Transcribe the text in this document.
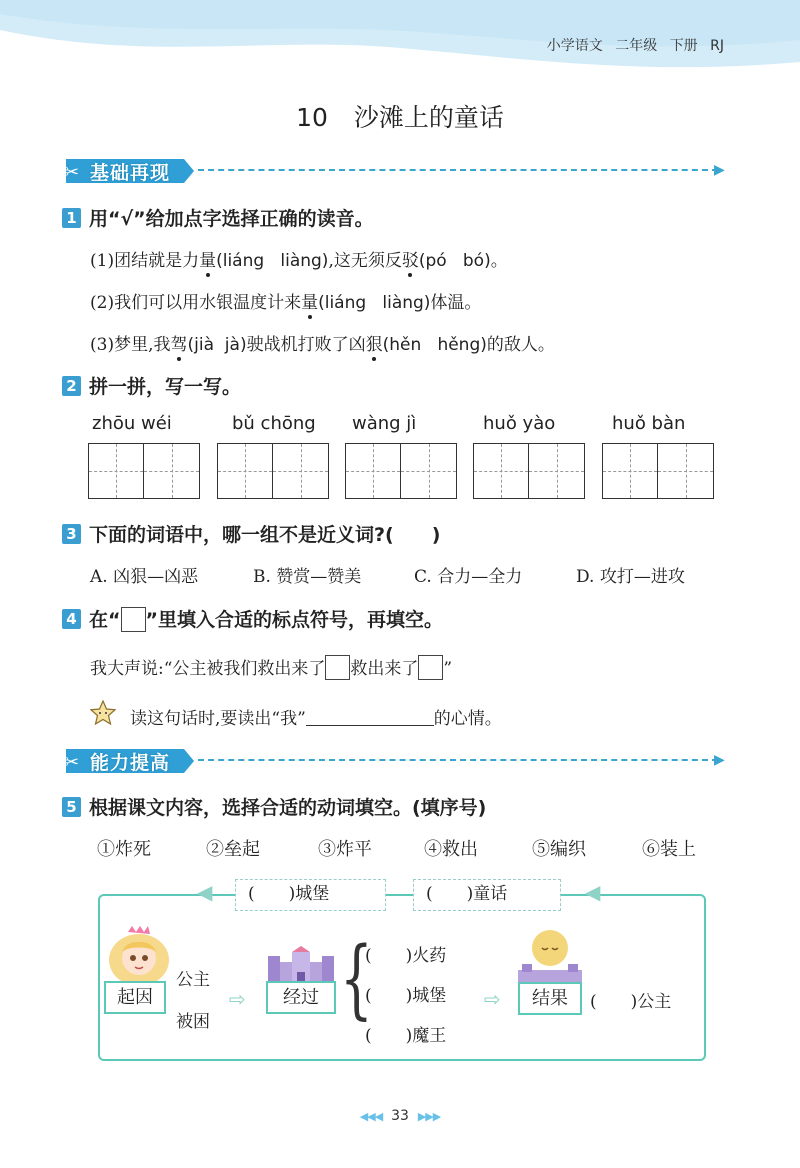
小学语文 二年级 下册 RJ
10 沙滩上的童话
✂ 基础再现	▶
1 用“√”给加点字选择正确的读音。
(1)团结就是力量(liáng liàng),这无须反驳(pó bó)。
(2)我们可以用水银温度计来量(liáng liàng)体温。
(3)梦里,我驾(jià jà)驶战机打败了凶狠(hěn hěng)的敌人。
2 拼一拼，写一写。
zhōu wéi	bǔ chōng wàng jì	huǒ yào	huǒ bàn
3 下面的词语中，哪一组不是近义词?(　　)
A. 凶狠—凶恶	B. 赞赏—赞美	C. 合力—全力	D. 攻打—进攻
4 在“ ”里填入合适的标点符号，再填空。
我大声说:“公主被我们救出来了 救出来了 ”
读这句话时,要读出“我”	的心情。
✂ 能力提高	▶
5 根据课文内容，选择合适的动词填空。(填序号)
①炸死	②垒起	③炸平	④救出	⑤编织	⑥装上
◀	◀
(　　)城堡	(　　)童话
起因
公主
被困
⇨	经过 {
(　　)火药
(　　)城堡
(　　)魔王
⇨	结果	(　　)公主
◀◀◀ 33 ▶▶▶
